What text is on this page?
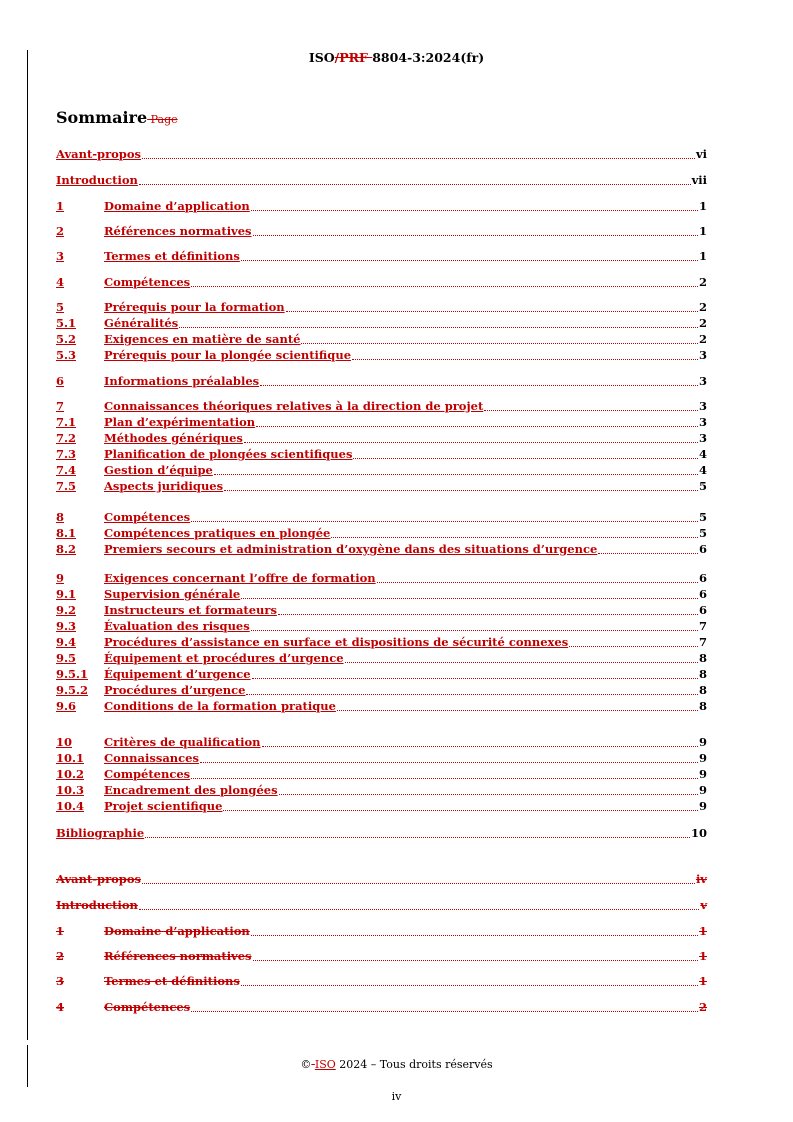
ISO/PRF 8804-3:2024(fr)
Sommaire Page
Avant-propos	vi
Introduction	vii
1	Domaine d’application	1
2	Références normatives	1
3	Termes et définitions	1
4	Compétences	2
5	Prérequis pour la formation	2
5.1	Généralités	2
5.2	Exigences en matière de santé	2
5.3	Prérequis pour la plongée scientifique	3
6	Informations préalables	3
7	Connaissances théoriques relatives à la direction de projet	3
7.1	Plan d’expérimentation	3
7.2	Méthodes génériques	3
7.3	Planification de plongées scientifiques	4
7.4	Gestion d’équipe	4
7.5	Aspects juridiques	5
8	Compétences	5
8.1	Compétences pratiques en plongée	5
8.2	Premiers secours et administration d’oxygène dans des situations d’urgence	6
9	Exigences concernant l’offre de formation	6
9.1	Supervision générale	6
9.2	Instructeurs et formateurs	6
9.3	Évaluation des risques	7
9.4	Procédures d’assistance en surface et dispositions de sécurité connexes	7
9.5	Équipement et procédures d’urgence	8
9.5.1	Équipement d’urgence	8
9.5.2	Procédures d’urgence	8
9.6	Conditions de la formation pratique	8
10	Critères de qualification	9
10.1	Connaissances	9
10.2	Compétences	9
10.3	Encadrement des plongées	9
10.4	Projet scientifique	9
Bibliographie	10
Avant-propos	iv
Introduction	v
1	Domaine d’application	1
2	Références normatives	1
3	Termes et définitions	1
4	Compétences	2
© ISO 2024 – Tous droits réservés
iv
